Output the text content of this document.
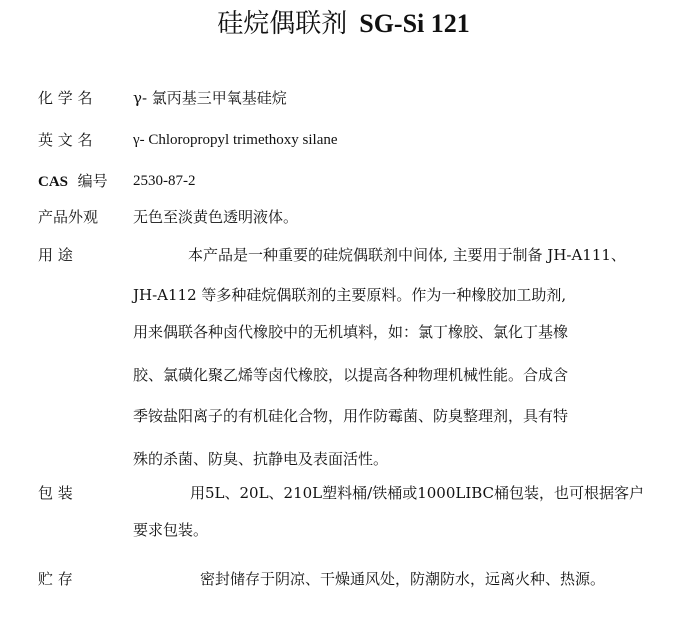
硅烷偶联剂 SG-Si 121
化 学 名	γ- 氯丙基三甲氧基硅烷
英 文 名	γ- Chloropropyl trimethoxy silane
CAS 编号 2530-87-2
产品外观 无色至淡黄色透明液体。
用 途	本产品是一种重要的硅烷偶联剂中间体, 主要用于制备 JH-A111、
JH-A112 等多种硅烷偶联剂的主要原料。作为一种橡胶加工助剂,
用来偶联各种卤代橡胶中的无机填料，如：氯丁橡胶、氯化丁基橡
胶、氯磺化聚乙烯等卤代橡胶，以提高各种物理机械性能。合成含
季铵盐阳离子的有机硅化合物，用作防霉菌、防臭整理剂，具有特
殊的杀菌、防臭、抗静电及表面活性。
包 装	用5L、20L、210L塑料桶/铁桶或1000LIBC桶包装，也可根据客户
要求包装。
贮 存	密封储存于阴凉、干燥通风处，防潮防水，远离火种、热源。
